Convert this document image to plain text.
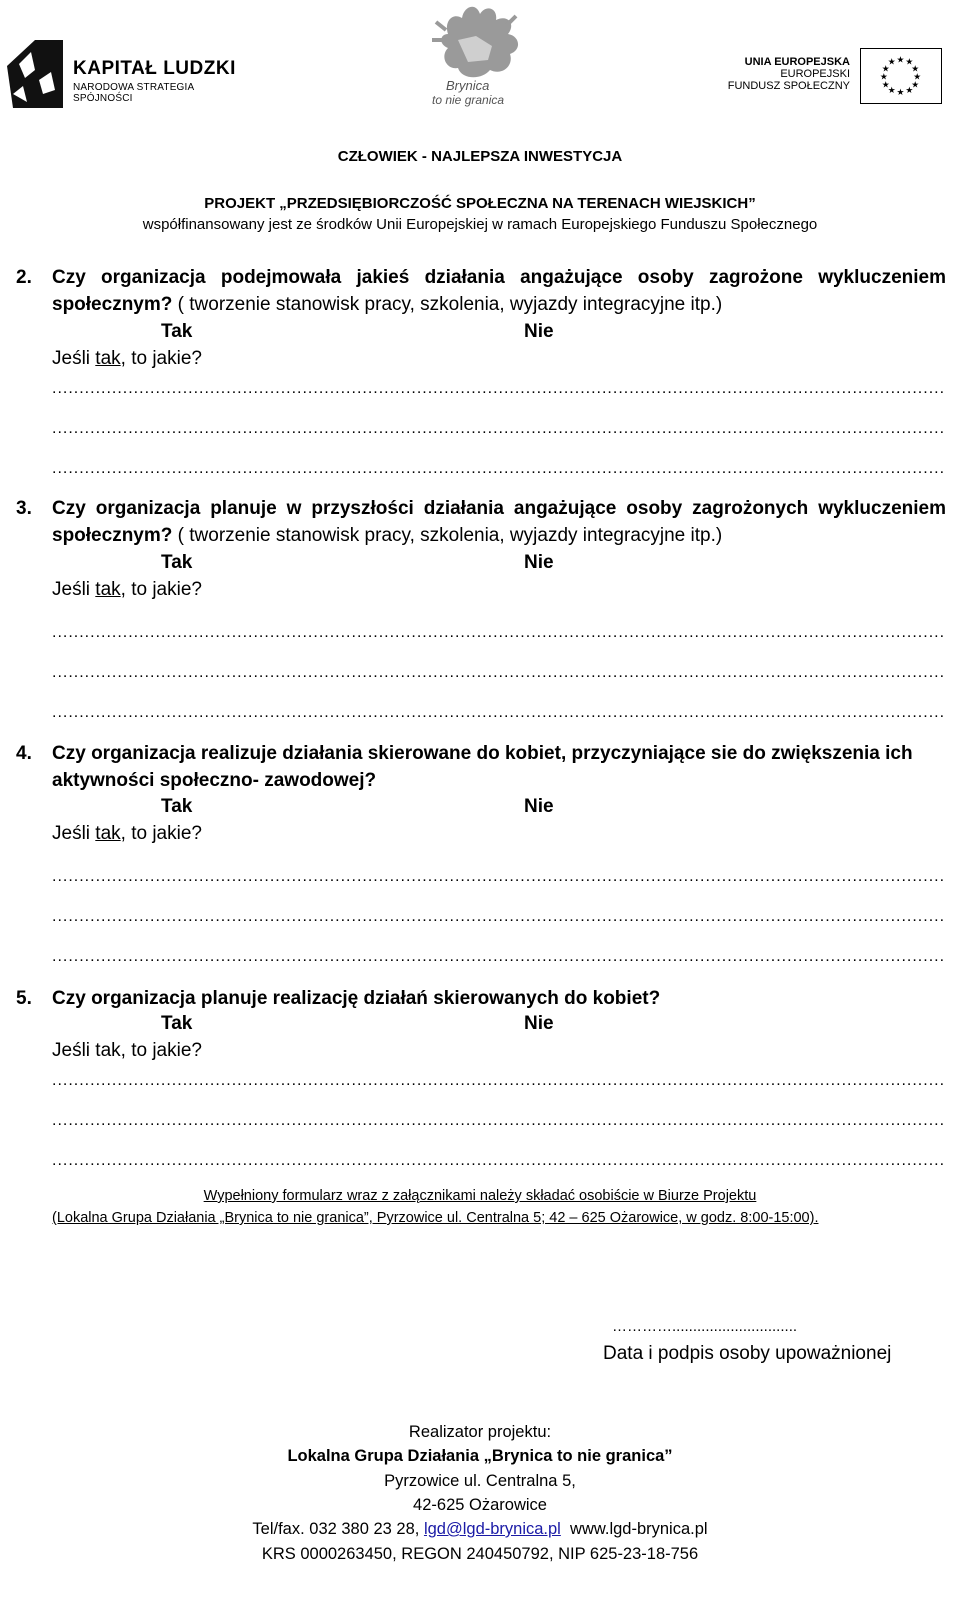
KAPITAŁ LUDZKI
NARODOWA STRATEGIA SPÓJNOŚCI
Brynica
to nie granica
UNIA EUROPEJSKA
EUROPEJSKI
FUNDUSZ SPOŁECZNY
★ ★
★
★
★
★
★
★
★
★
★
★
CZŁOWIEK - NAJLEPSZA INWESTYCJA
PROJEKT „PRZEDSIĘBIORCZOŚĆ SPOŁECZNA NA TERENACH WIEJSKICH”
współfinansowany jest ze środków Unii Europejskiej w ramach Europejskiego Funduszu Społecznego
2. Czy organizacja podejmowała jakieś działania angażujące osoby zagrożone wykluczeniem społecznym? ( tworzenie stanowisk pracy, szkolenia, wyjazdy integracyjne itp.)
Tak	Nie
Jeśli tak, to jakie?
.....
.....
.....
3. Czy organizacja planuje w przyszłości działania angażujące osoby zagrożonych wykluczeniem społecznym? ( tworzenie stanowisk pracy, szkolenia, wyjazdy integracyjne itp.)
Tak	Nie
Jeśli tak, to jakie?
.....
.....
.....
4. Czy organizacja realizuje działania skierowane do kobiet, przyczyniające sie do zwiększenia ich aktywności społeczno- zawodowej?
Tak	Nie
Jeśli tak, to jakie?
.....
.....
.....
5. Czy organizacja planuje realizację działań skierowanych do kobiet?
Tak	Nie
Jeśli tak, to jakie?
.....
.....
.....
Wypełniony formularz wraz z załącznikami należy składać osobiście w Biurze Projektu
(Lokalna Grupa Działania „Brynica to nie granica”, Pyrzowice ul. Centralna 5; 42 – 625 Ożarowice, w godz. 8:00-15:00).
…………..............................
Data i podpis osoby upoważnionej
Realizator projektu:
Lokalna Grupa Działania „Brynica to nie granica”
Pyrzowice ul. Centralna 5,
42-625 Ożarowice
Tel/fax. 032 380 23 28, lgd@lgd-brynica.pl  www.lgd-brynica.pl
KRS 0000263450, REGON 240450792, NIP 625-23-18-756
